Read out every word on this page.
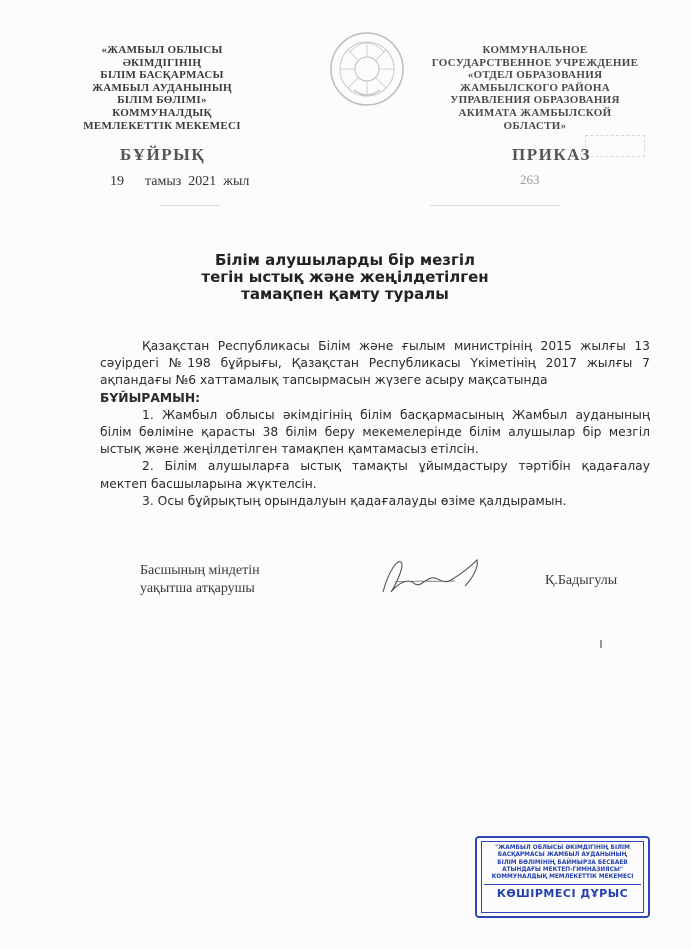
«ЖАМБЫЛ ОБЛЫСЫ
ӘКІМДІГІНІҢ
БІЛІМ БАСҚАРМАСЫ
ЖАМБЫЛ АУДАНЫНЫҢ
БІЛІМ БӨЛІМІ»
КОММУНАЛДЫҚ
МЕМЛЕКЕТТІК МЕКЕМЕСІ
КОММУНАЛЬНОЕ
ГОСУДАРСТВЕННОЕ УЧРЕЖДЕНИЕ
«ОТДЕЛ ОБРАЗОВАНИЯ
ЖАМБЫЛСКОГО РАЙОНА
УПРАВЛЕНИЯ ОБРАЗОВАНИЯ
АКИМАТА ЖАМБЫЛСКОЙ ОБЛАСТИ»
БҰЙРЫҚ	ПРИКАЗ
19      тамыз  2021  жыл	263
Білім алушыларды бір мезгіл
тегін ыстық және жеңілдетілген
тамақпен қамту туралы

Қазақстан Республикасы Білім және ғылым министрінің 2015 жылғы 13 сәуірдегі №198 бұйрығы, Қазақстан Республикасы Үкіметінің 2017 жылғы 7 ақпандағы №6 хаттамалық тапсырмасын жүзеге асыру мақсатында

БҰЙЫРАМЫН:

1. Жамбыл облысы әкімдігінің білім басқармасының Жамбыл ауданының білім бөліміне қарасты 38 білім беру мекемелерінде білім алушылар бір мезгіл ыстық және жеңілдетілген тамақпен қамтамасыз етілсін.

2. Білім алушыларға ыстық тамақты ұйымдастыру тәртібін қадағалау мектеп басшыларына жүктелсін.

3. Осы бұйрықтың орындалуын қадағалауды өзіме қалдырамын.

Басшының міндетін
уақытша атқарушы
Қ.Бадыгулы
· · · · · · · · · · · · · · · · · · · · · · · · · · · · · · · · · · · · · · · · ·
"ЖАМБЫЛ ОБЛЫСЫ ӘКІМДІГІНІҢ БІЛІМ
БАСҚАРМАСЫ ЖАМБЫЛ АУДАНЫНЫҢ
БІЛІМ БӨЛІМІНІҢ БАЙМЫРЗА БЕСБАЕВ
АТЫНДАҒЫ МЕКТЕП-ГИМНАЗИЯСЫ"
КОММУНАЛДЫҚ МЕМЛЕКЕТТІК МЕКЕМЕСІ
КӨШІРМЕСІ ДҰРЫС
